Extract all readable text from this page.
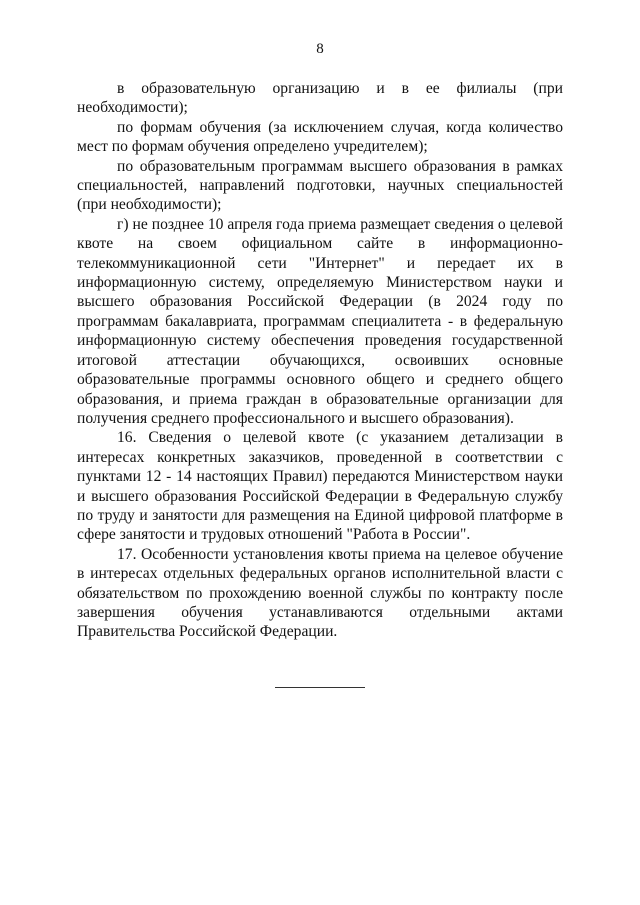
8

в образовательную организацию и в ее филиалы (при необходимости);

по формам обучения (за исключением случая, когда количество мест по формам обучения определено учредителем);

по образовательным программам высшего образования в рамках специальностей, направлений подготовки, научных специальностей (при необходимости);

г) не позднее 10 апреля года приема размещает сведения о целевой квоте на своем официальном сайте в информационно-телекоммуникационной сети "Интернет" и передает их в информационную систему, определяемую Министерством науки и высшего образования Российской Федерации (в 2024 году по программам бакалавриата, программам специалитета - в федеральную информационную систему обеспечения проведения государственной итоговой аттестации обучающихся, освоивших основные образовательные программы основного общего и среднего общего образования, и приема граждан в образовательные организации для получения среднего профессионального и высшего образования).

16. Сведения о целевой квоте (с указанием детализации в интересах конкретных заказчиков, проведенной в соответствии с пунктами 12 - 14 настоящих Правил) передаются Министерством науки и высшего образования Российской Федерации в Федеральную службу по труду и занятости для размещения на Единой цифровой платформе в сфере занятости и трудовых отношений "Работа в России".

17. Особенности установления квоты приема на целевое обучение в интересах отдельных федеральных органов исполнительной власти с обязательством по прохождению военной службы по контракту после завершения обучения устанавливаются отдельными актами Правительства Российской Федерации.
